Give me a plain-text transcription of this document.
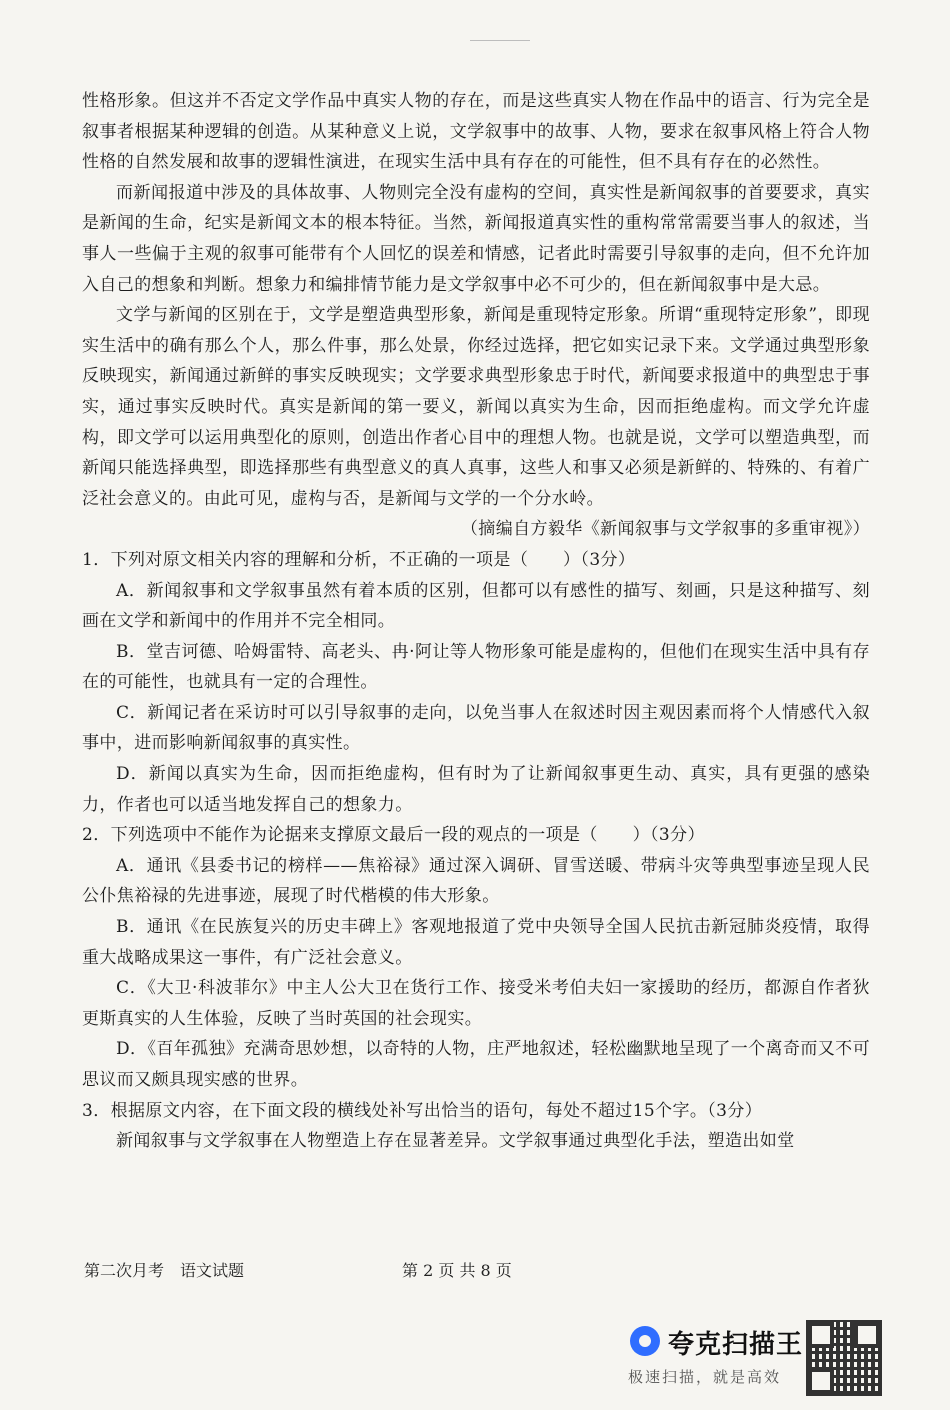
性格形象。但这并不否定文学作品中真实人物的存在，而是这些真实人物在作品中的语言、行为完全是叙事者根据某种逻辑的创造。从某种意义上说，文学叙事中的故事、人物，要求在叙事风格上符合人物性格的自然发展和故事的逻辑性演进，在现实生活中具有存在的可能性，但不具有存在的必然性。

而新闻报道中涉及的具体故事、人物则完全没有虚构的空间，真实性是新闻叙事的首要要求，真实是新闻的生命，纪实是新闻文本的根本特征。当然，新闻报道真实性的重构常常需要当事人的叙述，当事人一些偏于主观的叙事可能带有个人回忆的误差和情感，记者此时需要引导叙事的走向，但不允许加入自己的想象和判断。想象力和编排情节能力是文学叙事中必不可少的，但在新闻叙事中是大忌。

文学与新闻的区别在于，文学是塑造典型形象，新闻是重现特定形象。所谓“重现特定形象”，即现实生活中的确有那么个人，那么件事，那么处景，你经过选择，把它如实记录下来。文学通过典型形象反映现实，新闻通过新鲜的事实反映现实；文学要求典型形象忠于时代，新闻要求报道中的典型忠于事实，通过事实反映时代。真实是新闻的第一要义，新闻以真实为生命，因而拒绝虚构。而文学允许虚构，即文学可以运用典型化的原则，创造出作者心目中的理想人物。也就是说，文学可以塑造典型，而新闻只能选择典型，即选择那些有典型意义的真人真事，这些人和事又必须是新鲜的、特殊的、有着广泛社会意义的。由此可见，虚构与否，是新闻与文学的一个分水岭。

（摘编自方毅华《新闻叙事与文学叙事的多重审视》）

1．下列对原文相关内容的理解和分析，不正确的一项是（　　）（3分）

A．新闻叙事和文学叙事虽然有着本质的区别，但都可以有感性的描写、刻画，只是这种描写、刻画在文学和新闻中的作用并不完全相同。

B．堂吉诃德、哈姆雷特、高老头、冉·阿让等人物形象可能是虚构的，但他们在现实生活中具有存在的可能性，也就具有一定的合理性。

C．新闻记者在采访时可以引导叙事的走向，以免当事人在叙述时因主观因素而将个人情感代入叙事中，进而影响新闻叙事的真实性。

D．新闻以真实为生命，因而拒绝虚构，但有时为了让新闻叙事更生动、真实，具有更强的感染力，作者也可以适当地发挥自己的想象力。

2．下列选项中不能作为论据来支撑原文最后一段的观点的一项是（　　）（3分）

A．通讯《县委书记的榜样——焦裕禄》通过深入调研、冒雪送暖、带病斗灾等典型事迹呈现人民公仆焦裕禄的先进事迹，展现了时代楷模的伟大形象。

B．通讯《在民族复兴的历史丰碑上》客观地报道了党中央领导全国人民抗击新冠肺炎疫情，取得重大战略成果这一事件，有广泛社会意义。

C．《大卫·科波菲尔》中主人公大卫在货行工作、接受米考伯夫妇一家援助的经历，都源自作者狄更斯真实的人生体验，反映了当时英国的社会现实。

D．《百年孤独》充满奇思妙想，以奇特的人物，庄严地叙述，轻松幽默地呈现了一个离奇而又不可思议而又颇具现实感的世界。

3．根据原文内容，在下面文段的横线处补写出恰当的语句，每处不超过15个字。（3分）

新闻叙事与文学叙事在人物塑造上存在显著差异。文学叙事通过典型化手法，塑造出如堂

第二次月考　语文试题	第 2 页 共 8 页
夸克扫描王
极速扫描，就是高效
